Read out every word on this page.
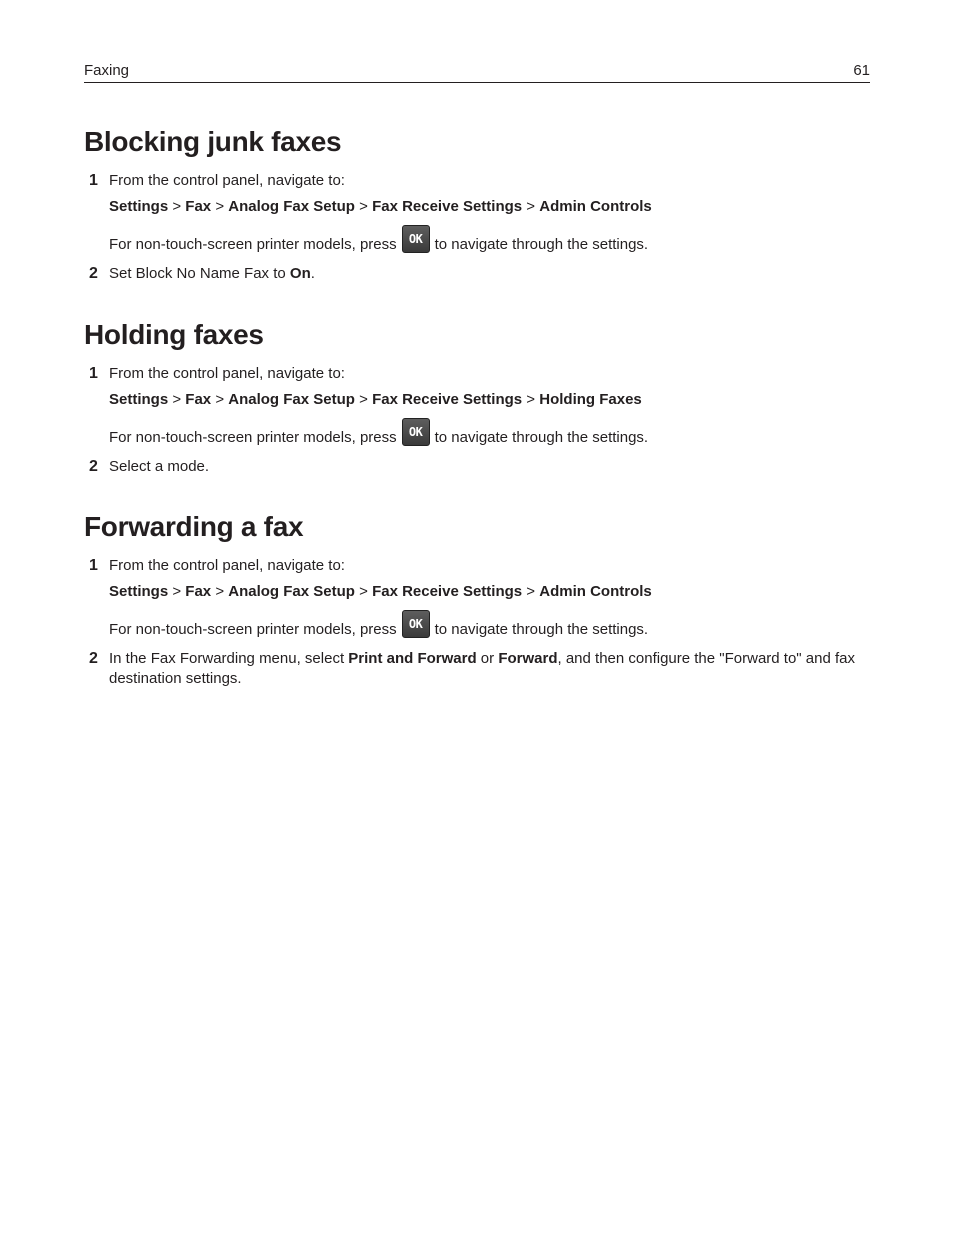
Faxing	61
Blocking junk faxes
1 From the control panel, navigate to:
Settings > Fax > Analog Fax Setup > Fax Receive Settings > Admin Controls
For non-touch-screen printer models, press	OK to navigate through the settings.
2 Set Block No Name Fax to On.
Holding faxes
1 From the control panel, navigate to:
Settings > Fax > Analog Fax Setup > Fax Receive Settings > Holding Faxes
For non-touch-screen printer models, press	OK to navigate through the settings.
2 Select a mode.
Forwarding a fax
1 From the control panel, navigate to:
Settings > Fax > Analog Fax Setup > Fax Receive Settings > Admin Controls
For non-touch-screen printer models, press	OK to navigate through the settings.
2 In the Fax Forwarding menu, select Print and Forward or Forward, and then configure the "Forward to" and fax destination settings.
